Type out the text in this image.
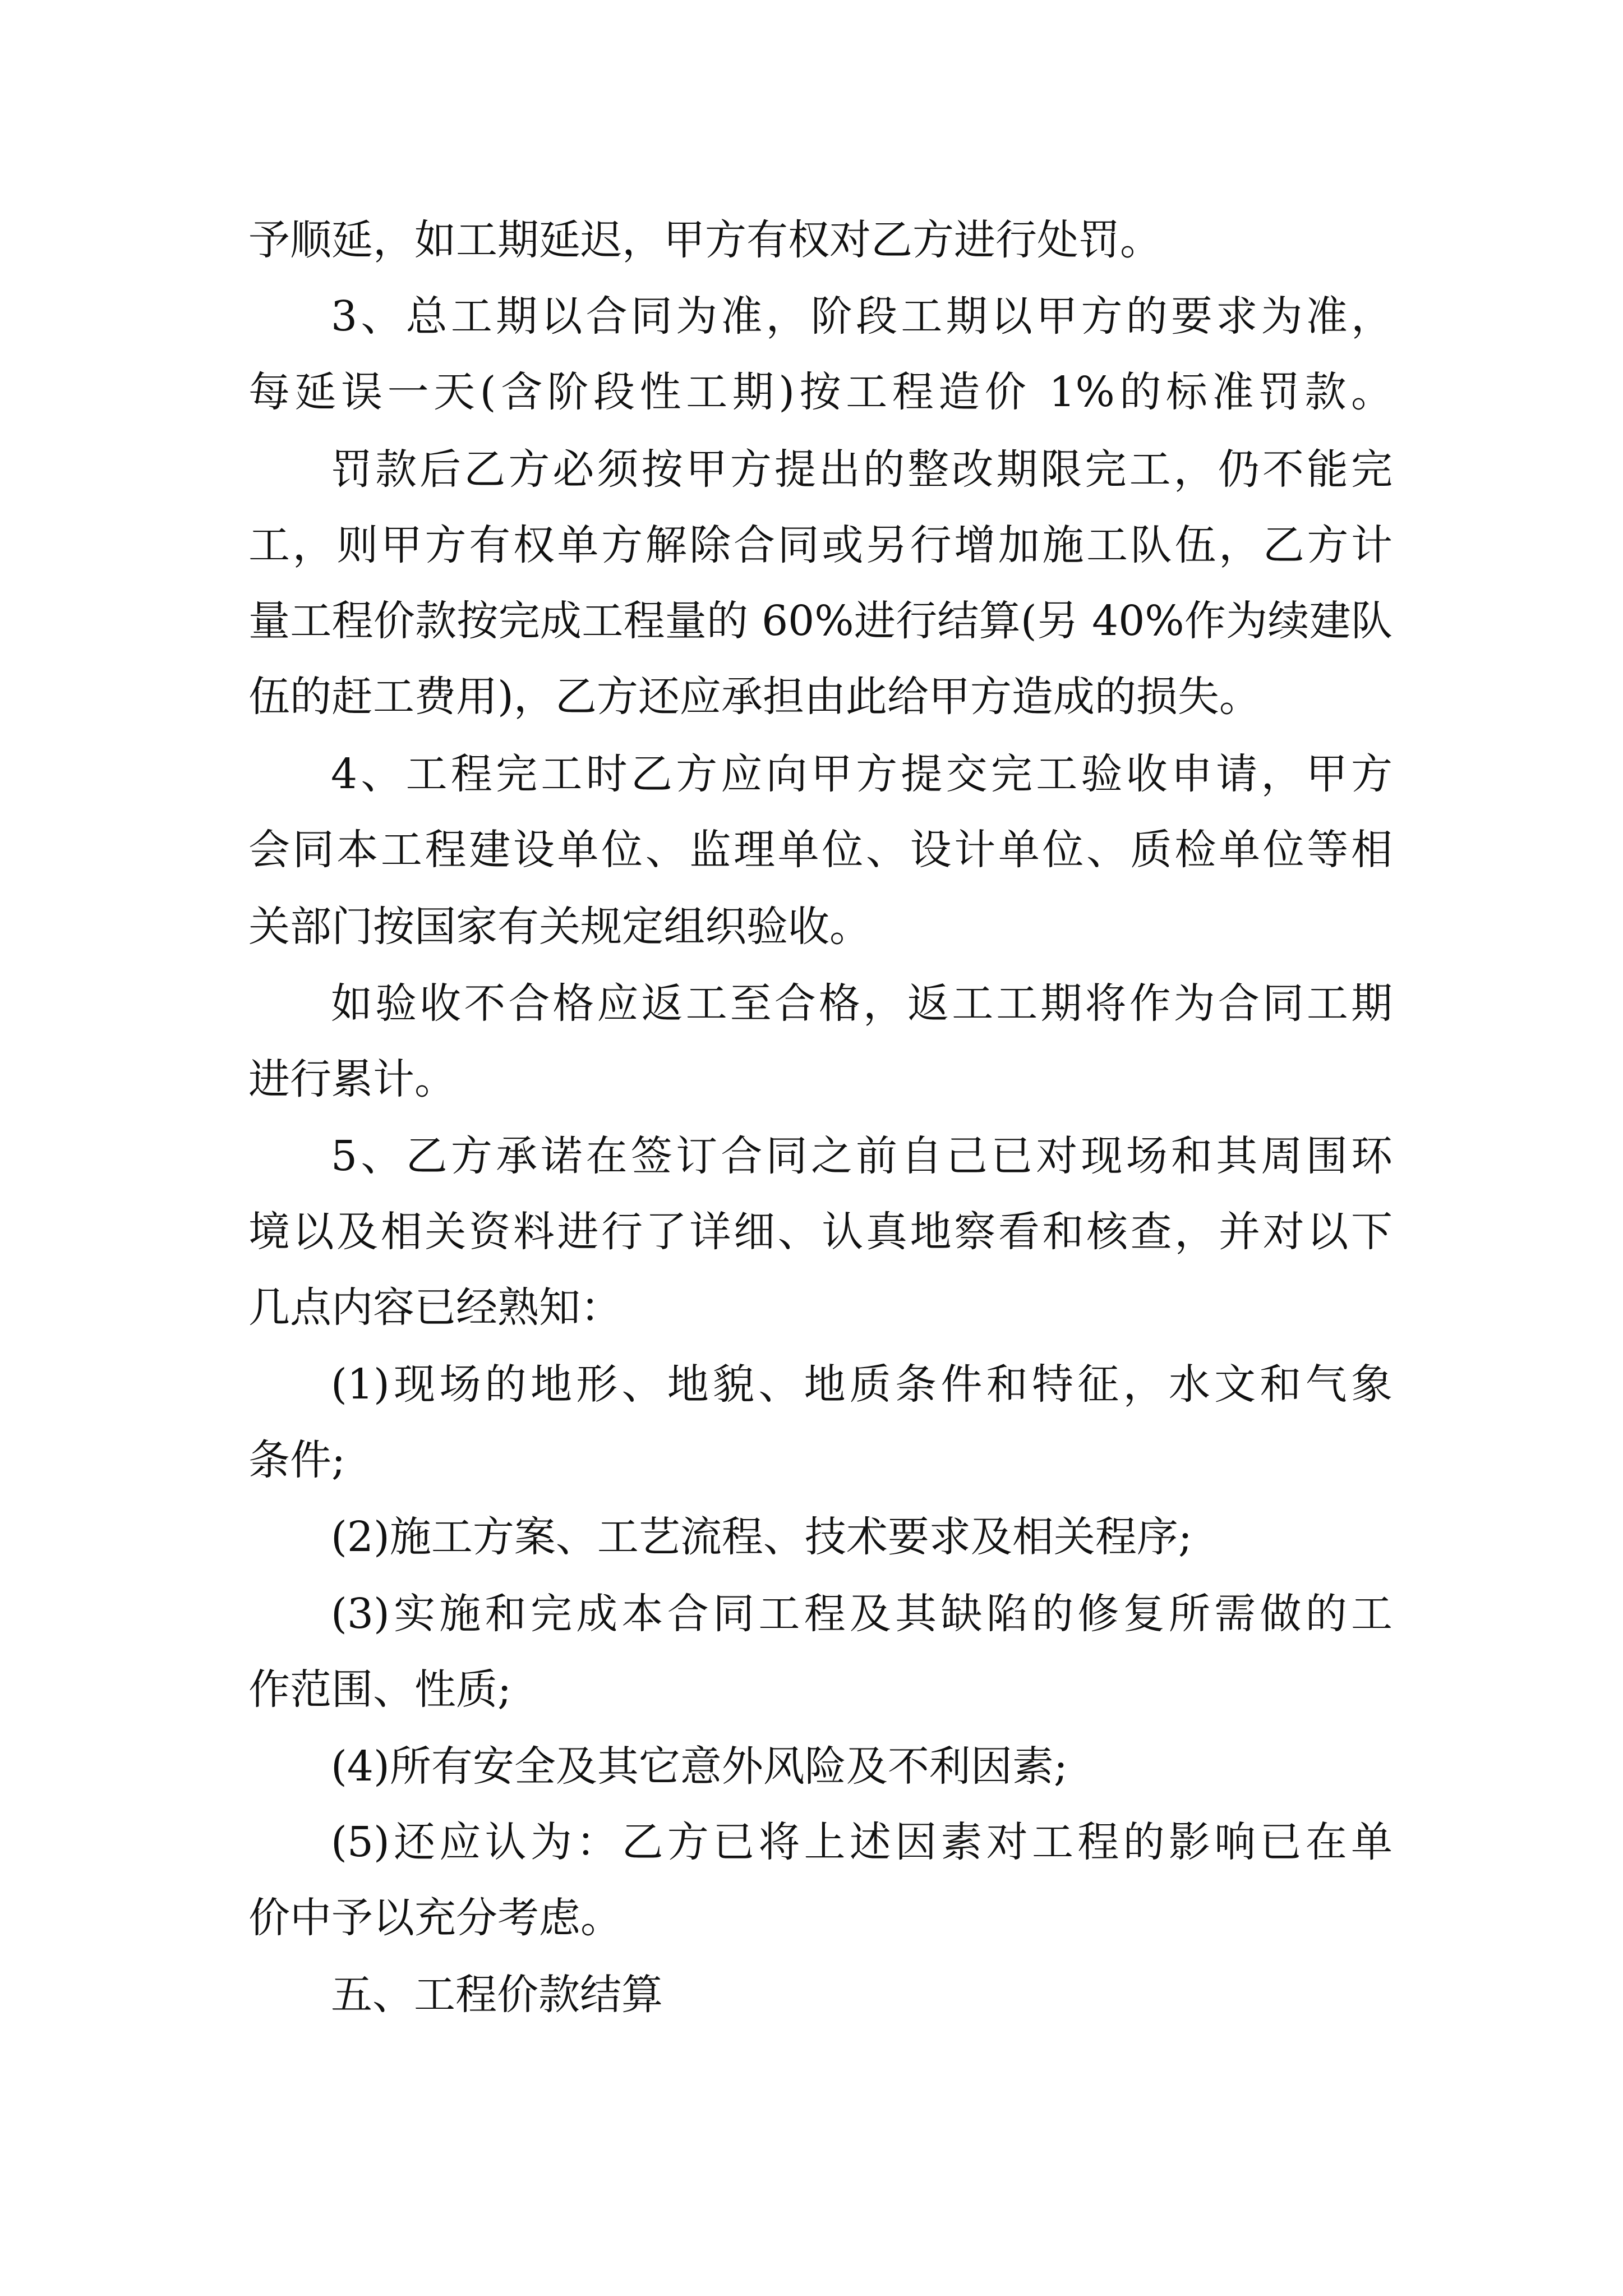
予顺延，如工期延迟，甲方有权对乙方进行处罚。

3、总工期以合同为准，阶段工期以甲方的要求为准，

每延误一天(含阶段性工期)按工程造价 1%的标准罚款。

罚款后乙方必须按甲方提出的整改期限完工，仍不能完

工，则甲方有权单方解除合同或另行增加施工队伍，乙方计

量工程价款按完成工程量的 60%进行结算(另 40%作为续建队

伍的赶工费用)，乙方还应承担由此给甲方造成的损失。

4、工程完工时乙方应向甲方提交完工验收申请，甲方

会同本工程建设单位、监理单位、设计单位、质检单位等相

关部门按国家有关规定组织验收。

如验收不合格应返工至合格，返工工期将作为合同工期

进行累计。

5、乙方承诺在签订合同之前自己已对现场和其周围环

境以及相关资料进行了详细、认真地察看和核查，并对以下

几点内容已经熟知：

(1)现场的地形、地貌、地质条件和特征，水文和气象

条件;

(2)施工方案、工艺流程、技术要求及相关程序;

(3)实施和完成本合同工程及其缺陷的修复所需做的工

作范围、性质;

(4)所有安全及其它意外风险及不利因素;

(5)还应认为：乙方已将上述因素对工程的影响已在单

价中予以充分考虑。

五、工程价款结算
